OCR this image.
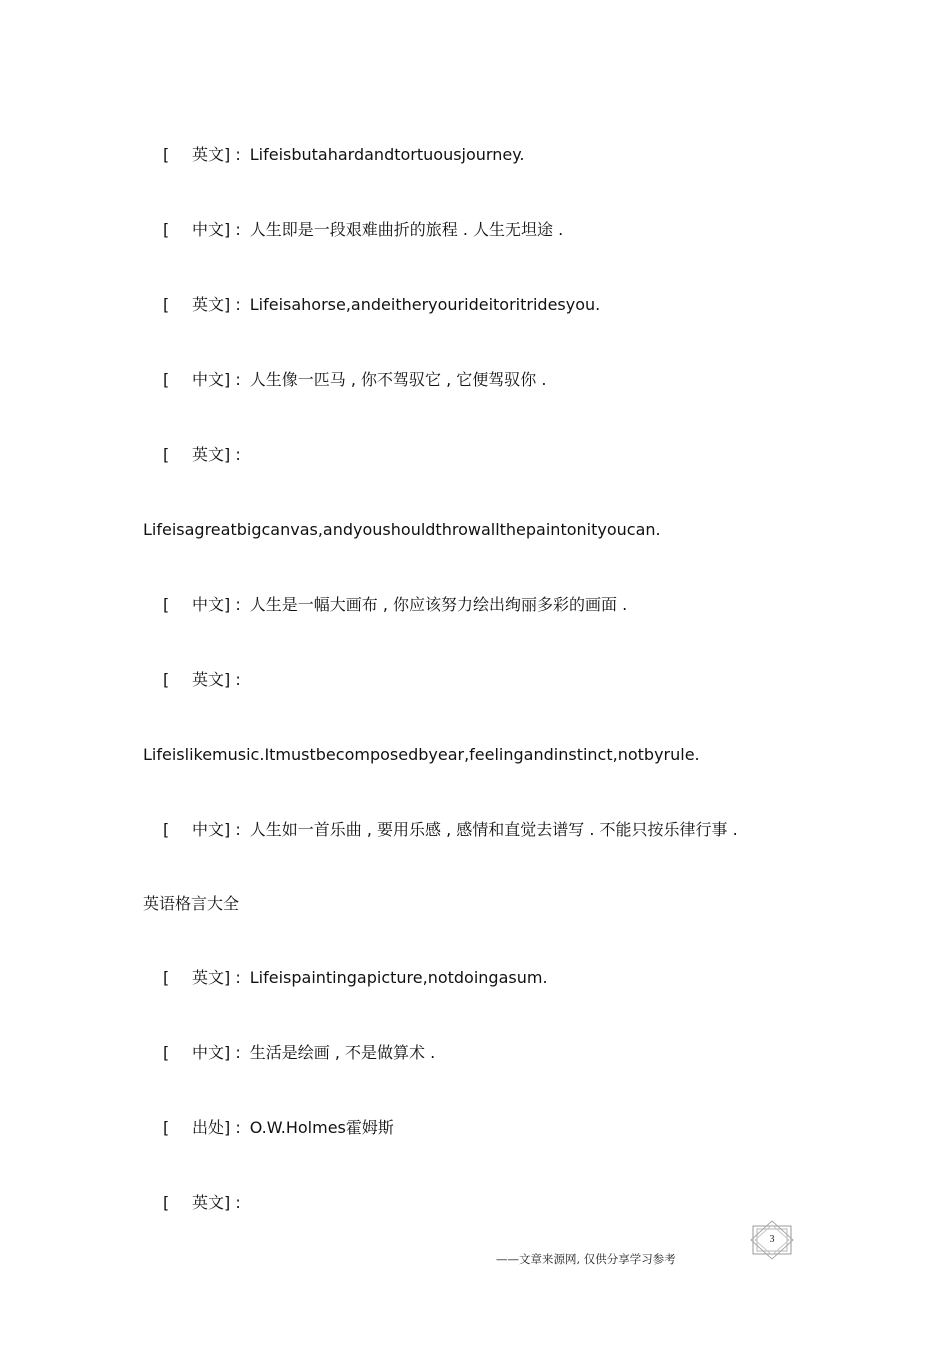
[ 英文] : Lifeisbutahardandtortuousjourney.
[ 中文] : 人生即是一段艰难曲折的旅程 . 人生无坦途 .
[ 英文] : Lifeisahorse,andeitheryourideitoritridesyou.
[ 中文] : 人生像一匹马 , 你不驾驭它 , 它便驾驭你 .
[ 英文] :
Lifeisagreatbigcanvas,andyoushouldthrowallthepaintonityoucan.
[ 中文] : 人生是一幅大画布 , 你应该努力绘出绚丽多彩的画面 .
[ 英文] :
Lifeislikemusic.Itmustbecomposedbyear,feelingandinstinct,notbyrule.
[ 中文] : 人生如一首乐曲 , 要用乐感 , 感情和直觉去谱写 . 不能只按乐律行事 .
英语格言大全
[ 英文] : Lifeispaintingapicture,notdoingasum.
[ 中文] : 生活是绘画 , 不是做算术 .
[ 出处] : O.W.Holmes霍姆斯
[ 英文] :
——文章来源网, 仅供分享学习参考
3
